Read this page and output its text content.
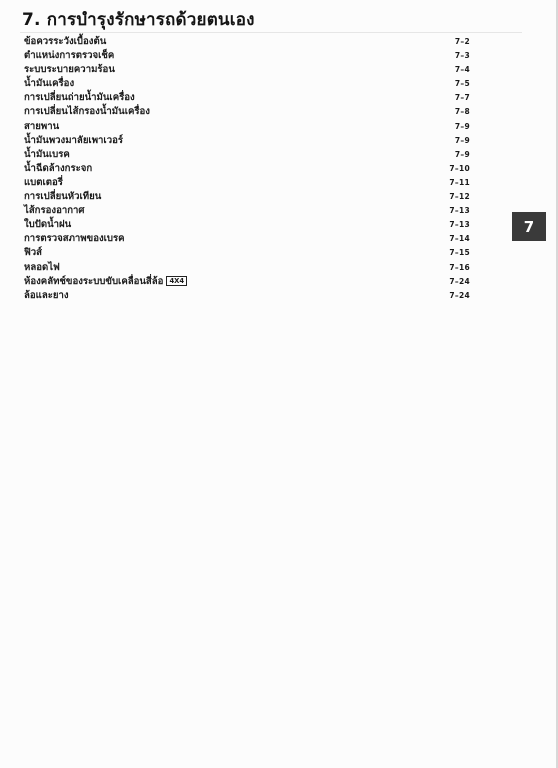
7. การบำรุงรักษารถด้วยตนเอง
ข้อควรระวังเบื้องต้น	7–2
ตำแหน่งการตรวจเช็ค	7–3
ระบบระบายความร้อน	7–4
น้ำมันเครื่อง	7–5
การเปลี่ยนถ่ายน้ำมันเครื่อง	7–7
การเปลี่ยนไส้กรองน้ำมันเครื่อง	7–8
สายพาน	7–9
น้ำมันพวงมาลัยเพาเวอร์	7–9
น้ำมันเบรค	7–9
น้ำฉีดล้างกระจก	7–10
แบตเตอรี่	7–11
การเปลี่ยนหัวเทียน	7–12
ไส้กรองอากาศ	7–13
ใบปัดน้ำฝน	7–13
การตรวจสภาพของเบรค	7–14
ฟิวส์	7–15
หลอดไฟ	7–16
ห้องคลัทช์ของระบบขับเคลื่อนสี่ล้อ 4X4	7–24
ล้อและยาง	7–24
7
